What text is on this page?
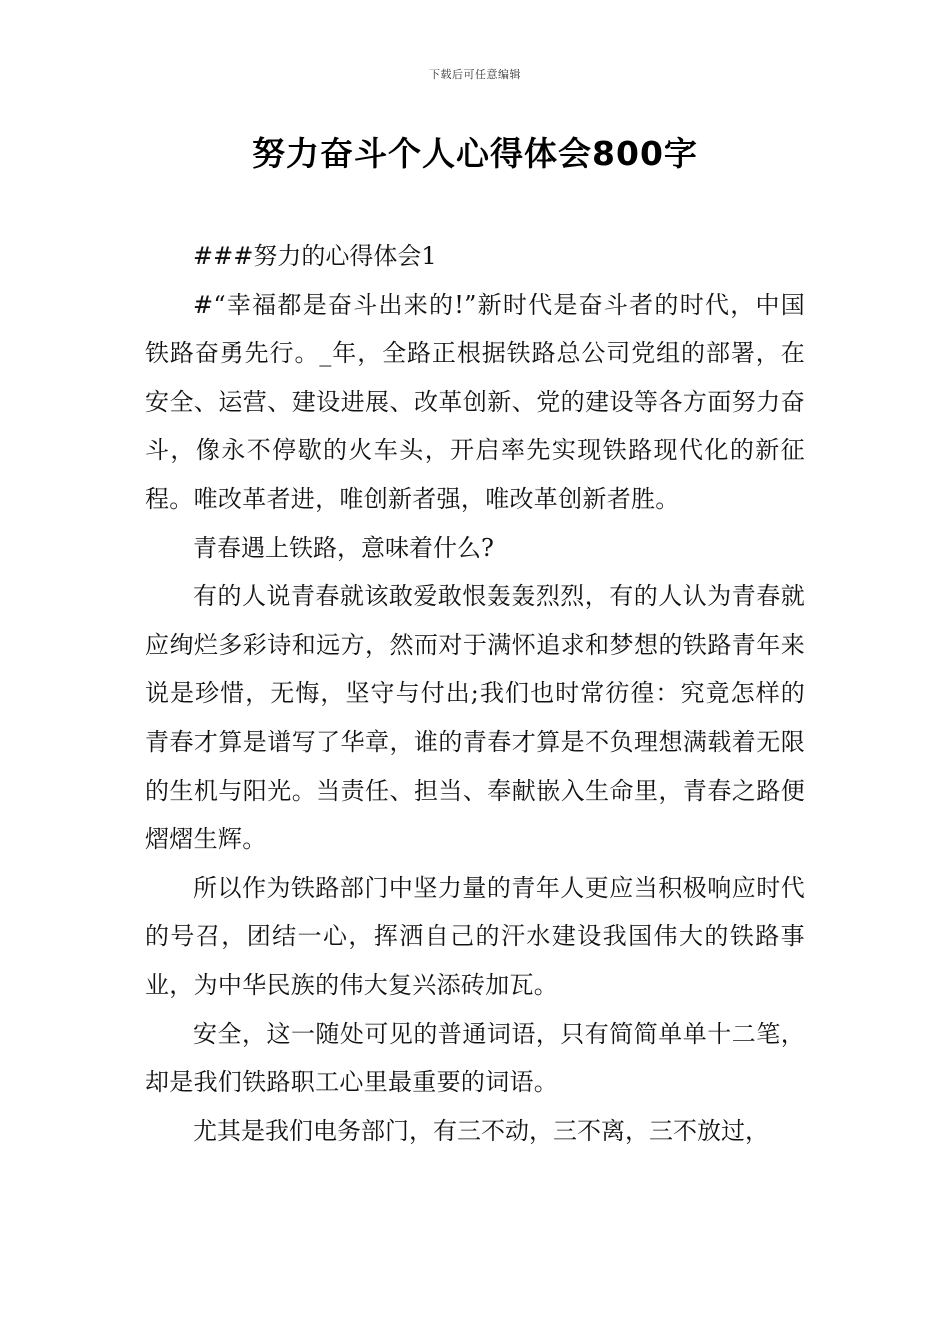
下载后可任意编辑
努力奋斗个人心得体会800字

###努力的心得体会1

#“幸福都是奋斗出来的!”新时代是奋斗者的时代，中国铁路奋勇先行。_年，全路正根据铁路总公司党组的部署，在安全、运营、建设进展、改革创新、党的建设等各方面努力奋斗，像永不停歇的火车头，开启率先实现铁路现代化的新征程。唯改革者进，唯创新者强，唯改革创新者胜。

青春遇上铁路，意味着什么?

有的人说青春就该敢爱敢恨轰轰烈烈，有的人认为青春就应绚烂多彩诗和远方，然而对于满怀追求和梦想的铁路青年来说是珍惜，无悔，坚守与付出;我们也时常彷徨：究竟怎样的青春才算是谱写了华章，谁的青春才算是不负理想满载着无限的生机与阳光。当责任、担当、奉献嵌入生命里，青春之路便熠熠生辉。

所以作为铁路部门中坚力量的青年人更应当积极响应时代的号召，团结一心，挥洒自己的汗水建设我国伟大的铁路事业，为中华民族的伟大复兴添砖加瓦。

安全，这一随处可见的普通词语，只有简简单单十二笔，却是我们铁路职工心里最重要的词语。

尤其是我们电务部门，有三不动，三不离，三不放过，
